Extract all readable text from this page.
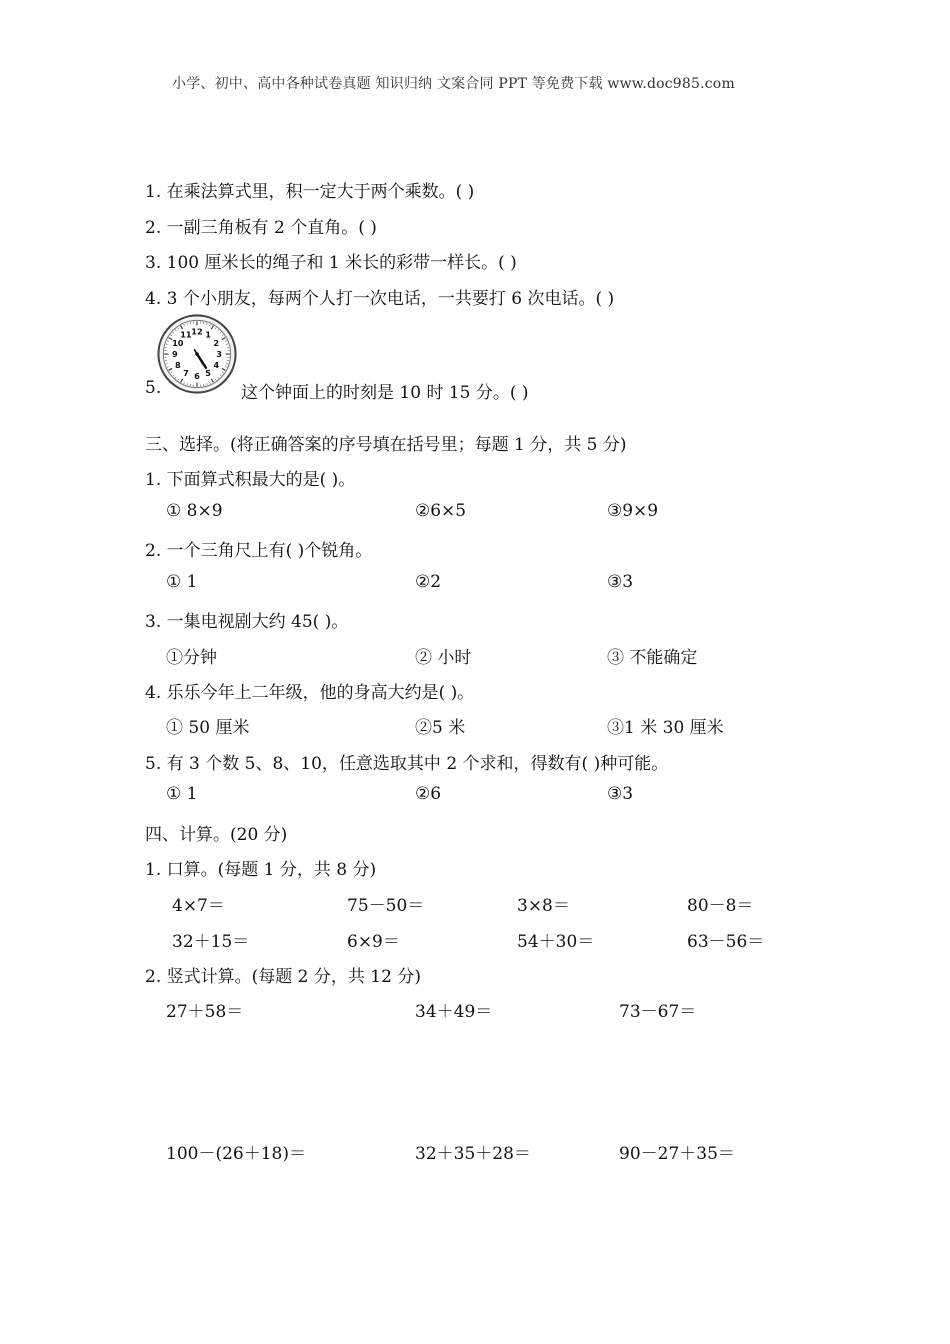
小学、初中、高中各种试卷真题 知识归纳 文案合同 PPT 等免费下载 www.doc985.com
1. 在乘法算式里，积一定大于两个乘数。( )
2. 一副三角板有 2 个直角。( )
3. 100 厘米长的绳子和 1 米长的彩带一样长。( )
4. 3 个小朋友，每两个人打一次电话，一共要打 6 次电话。( )
5.
12 1
2
3
4
5
6
7
8
9
10
11
这个钟面上的时刻是 10 时 15 分。( )
三、选择。(将正确答案的序号填在括号里；每题 1 分，共 5 分)
1. 下面算式积最大的是( )。
① 8×9	②6×5	③9×9
2. 一个三角尺上有( )个锐角。
① 1	②2	③3
3. 一集电视剧大约 45( )。
①分钟	② 小时	③ 不能确定
4. 乐乐今年上二年级，他的身高大约是( )。
① 50 厘米	②5 米	③1 米 30 厘米
5. 有 3 个数 5、8、10，任意选取其中 2 个求和，得数有( )种可能。
① 1	②6	③3
四、计算。(20 分)
1. 口算。(每题 1 分，共 8 分)
4×7＝	75－50＝	3×8＝	80－8＝
32＋15＝	6×9＝	54＋30＝	63－56＝
2. 竖式计算。(每题 2 分，共 12 分)
27＋58＝	34＋49＝	73－67＝
100－(26＋18)＝	32＋35＋28＝	90－27＋35＝
